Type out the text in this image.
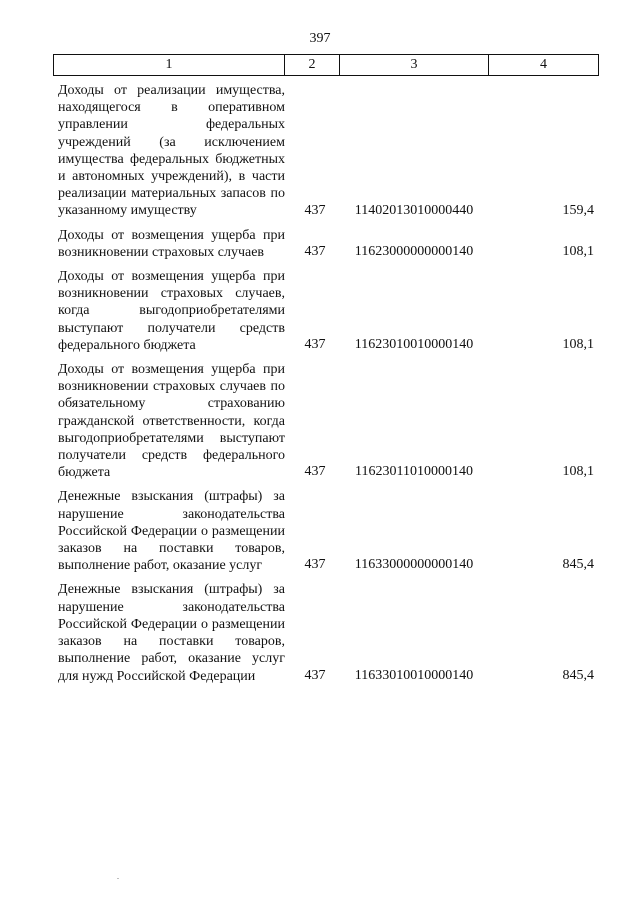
397
1	2	3	4
Доходы от реализации имущества, находящегося в оперативном управлении федеральных учреждений (за исключением имущества федеральных бюджетных и автономных учреждений), в части реализации материальных запасов по указанному имуществу	437	11402013010000440	159,4
Доходы от возмещения ущерба при возникновении страховых случаев	437	11623000000000140	108,1
Доходы от возмещения ущерба при возникновении страховых случаев, когда выгодоприобретателями выступают получатели средств федерального бюджета	437	11623010010000140	108,1
Доходы от возмещения ущерба при возникновении страховых случаев по обязательному страхованию гражданской ответственности, когда выгодоприобретателями выступают получатели средств федерального бюджета	437	11623011010000140	108,1
Денежные взыскания (штрафы) за нарушение законодательства Российской Федерации о размещении заказов на поставки товаров, выполнение работ, оказание услуг	437	11633000000000140	845,4
Денежные взыскания (штрафы) за нарушение законодательства Российской Федерации о размещении заказов на поставки товаров, выполнение работ, оказание услуг для нужд Российской Федерации	437	11633010010000140	845,4
.
